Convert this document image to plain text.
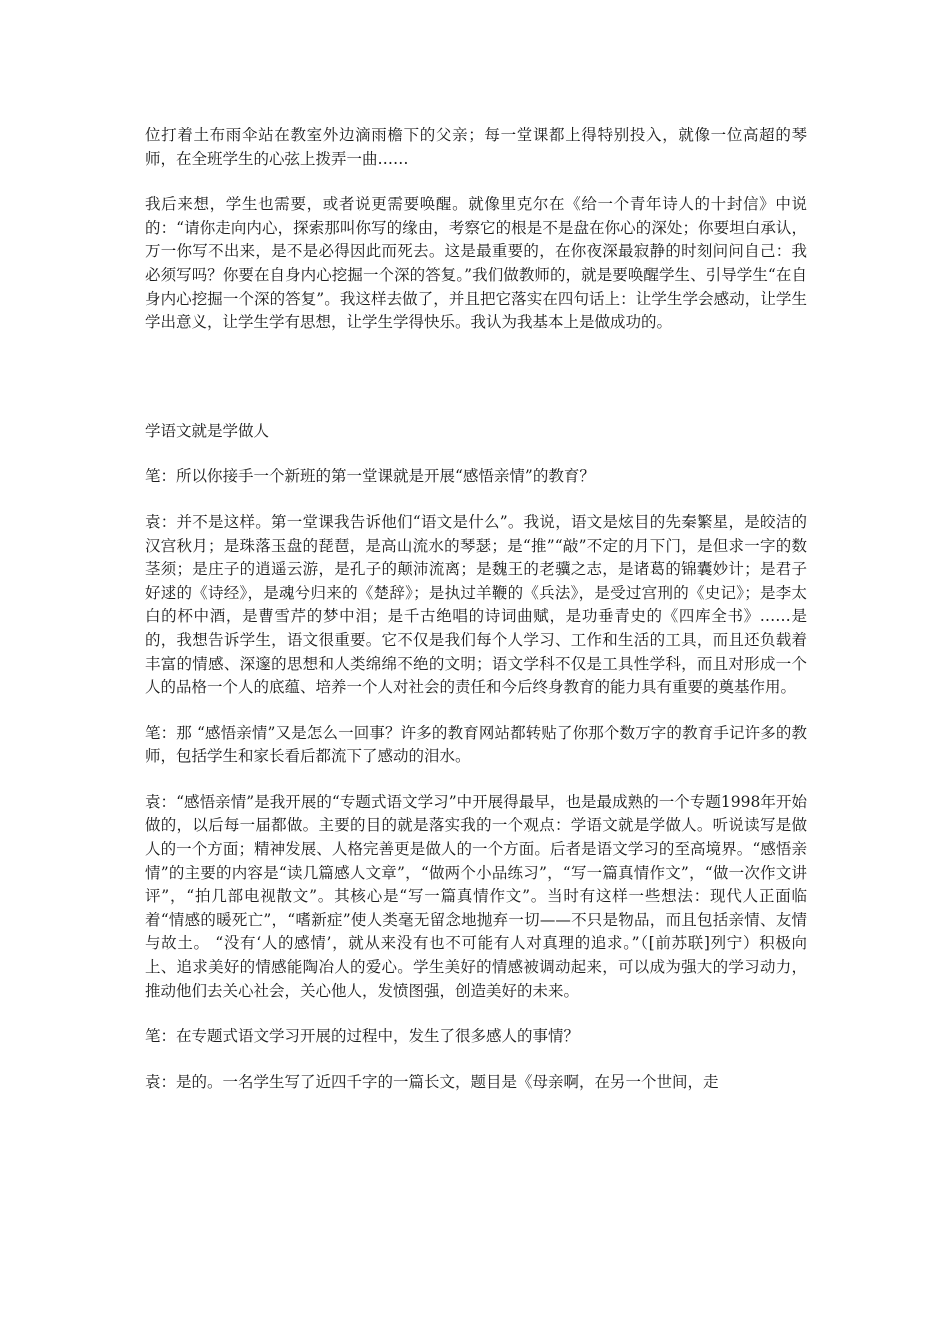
位打着土布雨伞站在教室外边滴雨檐下的父亲；每一堂课都上得特别投入，就像一位高超的琴师，在全班学生的心弦上拨弄一曲……

我后来想，学生也需要，或者说更需要唤醒。就像里克尔在《给一个青年诗人的十封信》中说的：“请你走向内心，探索那叫你写的缘由，考察它的根是不是盘在你心的深处；你要坦白承认，万一你写不出来，是不是必得因此而死去。这是最重要的，在你夜深最寂静的时刻问问自己：我必须写吗？你要在自身内心挖掘一个深的答复。”我们做教师的，就是要唤醒学生、引导学生“在自身内心挖掘一个深的答复”。我这样去做了，并且把它落实在四句话上：让学生学会感动，让学生学出意义，让学生学有思想，让学生学得快乐。我认为我基本上是做成功的。

学语文就是学做人

笔：所以你接手一个新班的第一堂课就是开展“感悟亲情”的教育？

袁：并不是这样。第一堂课我告诉他们“语文是什么”。我说，语文是炫目的先秦繁星，是皎洁的汉宫秋月；是珠落玉盘的琵琶，是高山流水的琴瑟；是“推”“敲”不定的月下门，是但求一字的数茎须；是庄子的逍遥云游，是孔子的颠沛流离；是魏王的老骥之志，是诸葛的锦囊妙计；是君子好逑的《诗经》，是魂兮归来的《楚辞》；是执过羊鞭的《兵法》，是受过宫刑的《史记》；是李太白的杯中酒，是曹雪芹的梦中泪；是千古绝唱的诗词曲赋，是功垂青史的《四库全书》……是的，我想告诉学生，语文很重要。它不仅是我们每个人学习、工作和生活的工具，而且还负载着丰富的情感、深邃的思想和人类绵绵不绝的文明；语文学科不仅是工具性学科，而且对形成一个人的品格一个人的底蕴、培养一个人对社会的责任和今后终身教育的能力具有重要的奠基作用。

笔：那 “感悟亲情”又是怎么一回事？许多的教育网站都转贴了你那个数万字的教育手记许多的教师，包括学生和家长看后都流下了感动的泪水。

袁：“感悟亲情”是我开展的“专题式语文学习”中开展得最早，也是最成熟的一个专题1998年开始做的，以后每一届都做。主要的目的就是落实我的一个观点：学语文就是学做人。听说读写是做人的一个方面；精神发展、人格完善更是做人的一个方面。后者是语文学习的至高境界。“感悟亲情”的主要的内容是“读几篇感人文章”，“做两个小品练习”，“写一篇真情作文”，“做一次作文讲评”，“拍几部电视散文”。其核心是“写一篇真情作文”。当时有这样一些想法：现代人正面临着“情感的暖死亡”，“嗜新症”使人类毫无留念地抛弃一切——不只是物品，而且包括亲情、友情与故土。 “没有‘人的感情’，就从来没有也不可能有人对真理的追求。”（[前苏联]列宁）积极向上、追求美好的情感能陶冶人的爱心。学生美好的情感被调动起来，可以成为强大的学习动力，推动他们去关心社会，关心他人，发愤图强，创造美好的未来。

笔：在专题式语文学习开展的过程中，发生了很多感人的事情？

袁：是的。一名学生写了近四千字的一篇长文，题目是《母亲啊，在另一个世间，走
